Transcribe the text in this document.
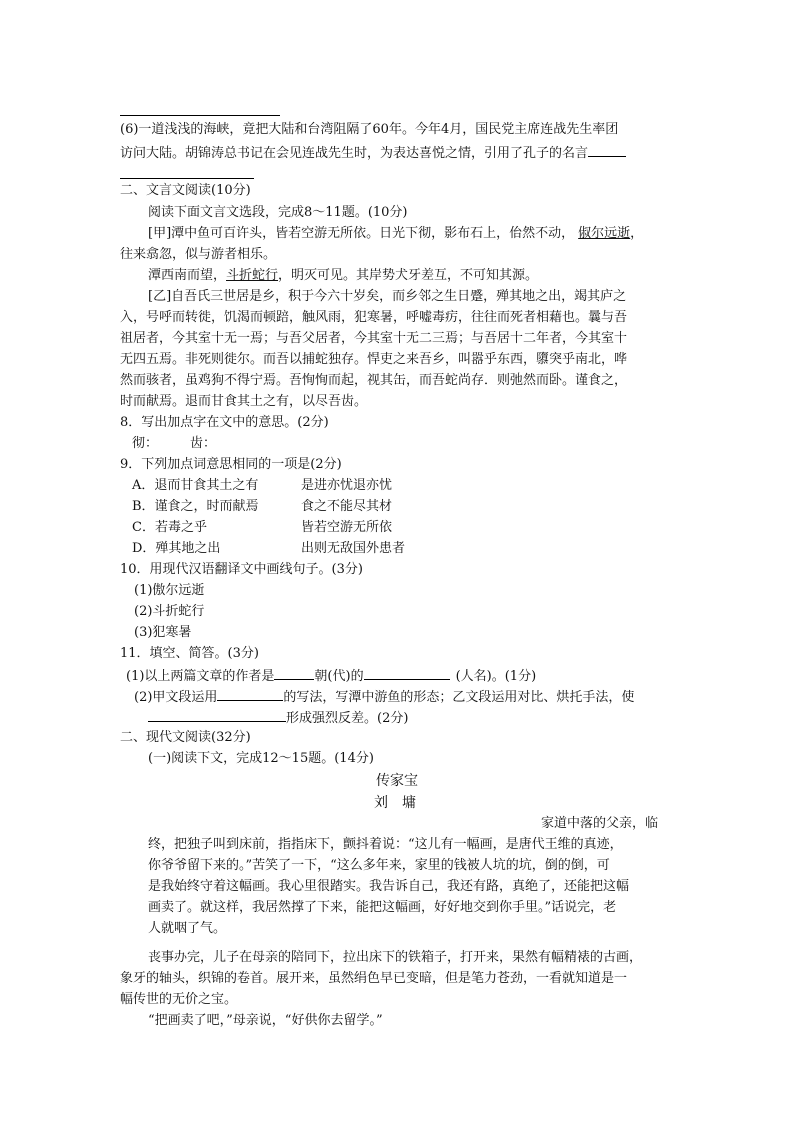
(6)一道浅浅的海峡，竟把大陆和台湾阻隔了60年。今年4月，国民党主席连战先生率团
访问大陆。胡锦涛总书记在会见连战先生时，为表达喜悦之情，引用了孔子的名言
二、文言文阅读(10分)
阅读下面文言文选段，完成8～11题。(10分)
[甲]潭中鱼可百许头，皆若空游无所依。日光下彻，影布石上，佁然不动， 俶尔远逝，
往来翕忽，似与游者相乐。
潭西南而望，斗折蛇行，明灭可见。其岸势犬牙差互，不可知其源。
[乙]自吾氏三世居是乡，积于今六十岁矣，而乡邻之生日蹙，殚其地之出，竭其庐之
入，号呼而转徙，饥渴而顿踣，触风雨，犯寒暑，呼嘘毒疠，往往而死者相藉也。曩与吾
祖居者，今其室十无一焉；与吾父居者，今其室十无二三焉；与吾居十二年者，今其室十
无四五焉。非死则徙尔。而吾以捕蛇独存。悍吏之来吾乡，叫嚣乎东西，隳突乎南北，哗
然而骇者，虽鸡狗不得宁焉。吾恂恂而起，视其缶，而吾蛇尚存．则弛然而卧。谨食之，
时而献焉。退而甘食其土之有，以尽吾齿。
8．写出加点字在文中的意思。(2分)
彻： 齿：
9．下列加点词意思相同的一项是(2分)
A．退而甘食其土之有	是进亦忧退亦忧
B．谨食之，时而献焉	食之不能尽其材
C．若毒之乎	皆若空游无所依
D．殚其地之出	出则无敌国外患者
10．用现代汉语翻译文中画线句子。(3分)
(1)傲尔远逝
(2)斗折蛇行
(3)犯寒暑
11．填空、简答。(3分)
(1)以上两篇文章的作者是	朝(代)的	(人名)。(1分)
(2)甲文段运用	的写法，写潭中游鱼的形态；乙文段运用对比、烘托手法，使
形成强烈反差。(2分)
二、现代文阅读(32分)
(一)阅读下文，完成12～15题。(14分)
传家宝
刘　墉
家道中落的父亲，临
终，把独子叫到床前，指指床下，颤抖着说：“这儿有一幅画，是唐代王维的真迹，
你爷爷留下来的。”苦笑了一下，“这么多年来，家里的钱被人坑的坑，倒的倒，可
是我始终守着这幅画。我心里很踏实。我告诉自己，我还有路，真绝了，还能把这幅
画卖了。就这样，我居然撑了下来，能把这幅画，好好地交到你手里。”话说完，老
人就咽了气。
丧事办完，儿子在母亲的陪同下，拉出床下的铁箱子，打开来，果然有幅精裱的古画，
象牙的轴头，织锦的卷首。展开来，虽然绢色早已变暗，但是笔力苍劲，一看就知道是一
幅传世的无价之宝。
“把画卖了吧，”母亲说，“好供你去留学。”
